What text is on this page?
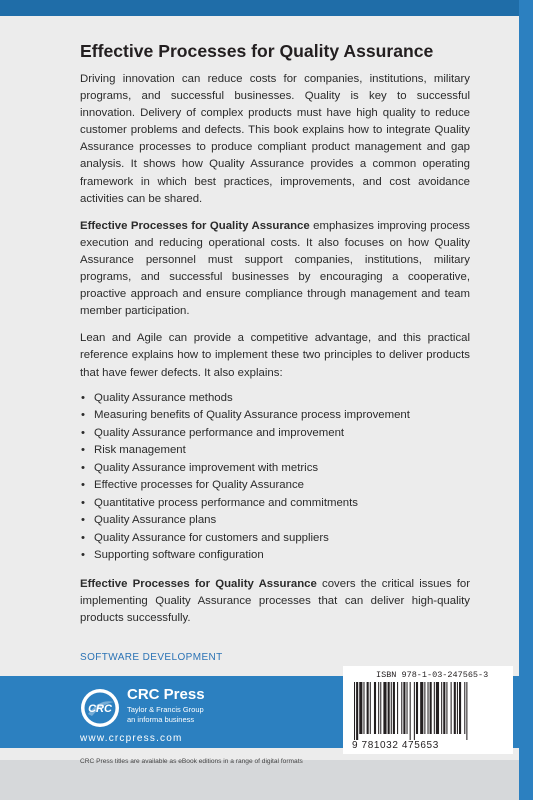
Effective Processes for Quality Assurance

Driving innovation can reduce costs for companies, institutions, military programs, and successful businesses. Quality is key to successful innovation. Delivery of complex products must have high quality to reduce customer problems and defects. This book explains how to integrate Quality Assurance processes to produce compliant product management and gap analysis. It shows how Quality Assurance provides a common operating framework in which best practices, improvements, and cost avoidance activities can be shared.

Effective Processes for Quality Assurance emphasizes improving process execution and reducing operational costs. It also focuses on how Quality Assurance personnel must support companies, institutions, military programs, and successful businesses by encouraging a cooperative, proactive approach and ensure compliance through management and team member participation.

Lean and Agile can provide a competitive advantage, and this practical reference explains how to implement these two principles to deliver products that have fewer defects. It also explains:

• Quality Assurance methods
• Measuring benefits of Quality Assurance process improvement
• Quality Assurance performance and improvement
• Risk management
• Quality Assurance improvement with metrics
• Effective processes for Quality Assurance
• Quantitative process performance and commitments
• Quality Assurance plans
• Quality Assurance for customers and suppliers
• Supporting software configuration

Effective Processes for Quality Assurance covers the critical issues for implementing Quality Assurance processes that can deliver high-quality products successfully.

SOFTWARE DEVELOPMENT
CRC
CRC Press
Taylor & Francis Group
an informa business
www.crcpress.com
ISBN 978-1-03-247565-3
9 781032 475653
CRC Press titles are available as eBook editions in a range of digital formats
